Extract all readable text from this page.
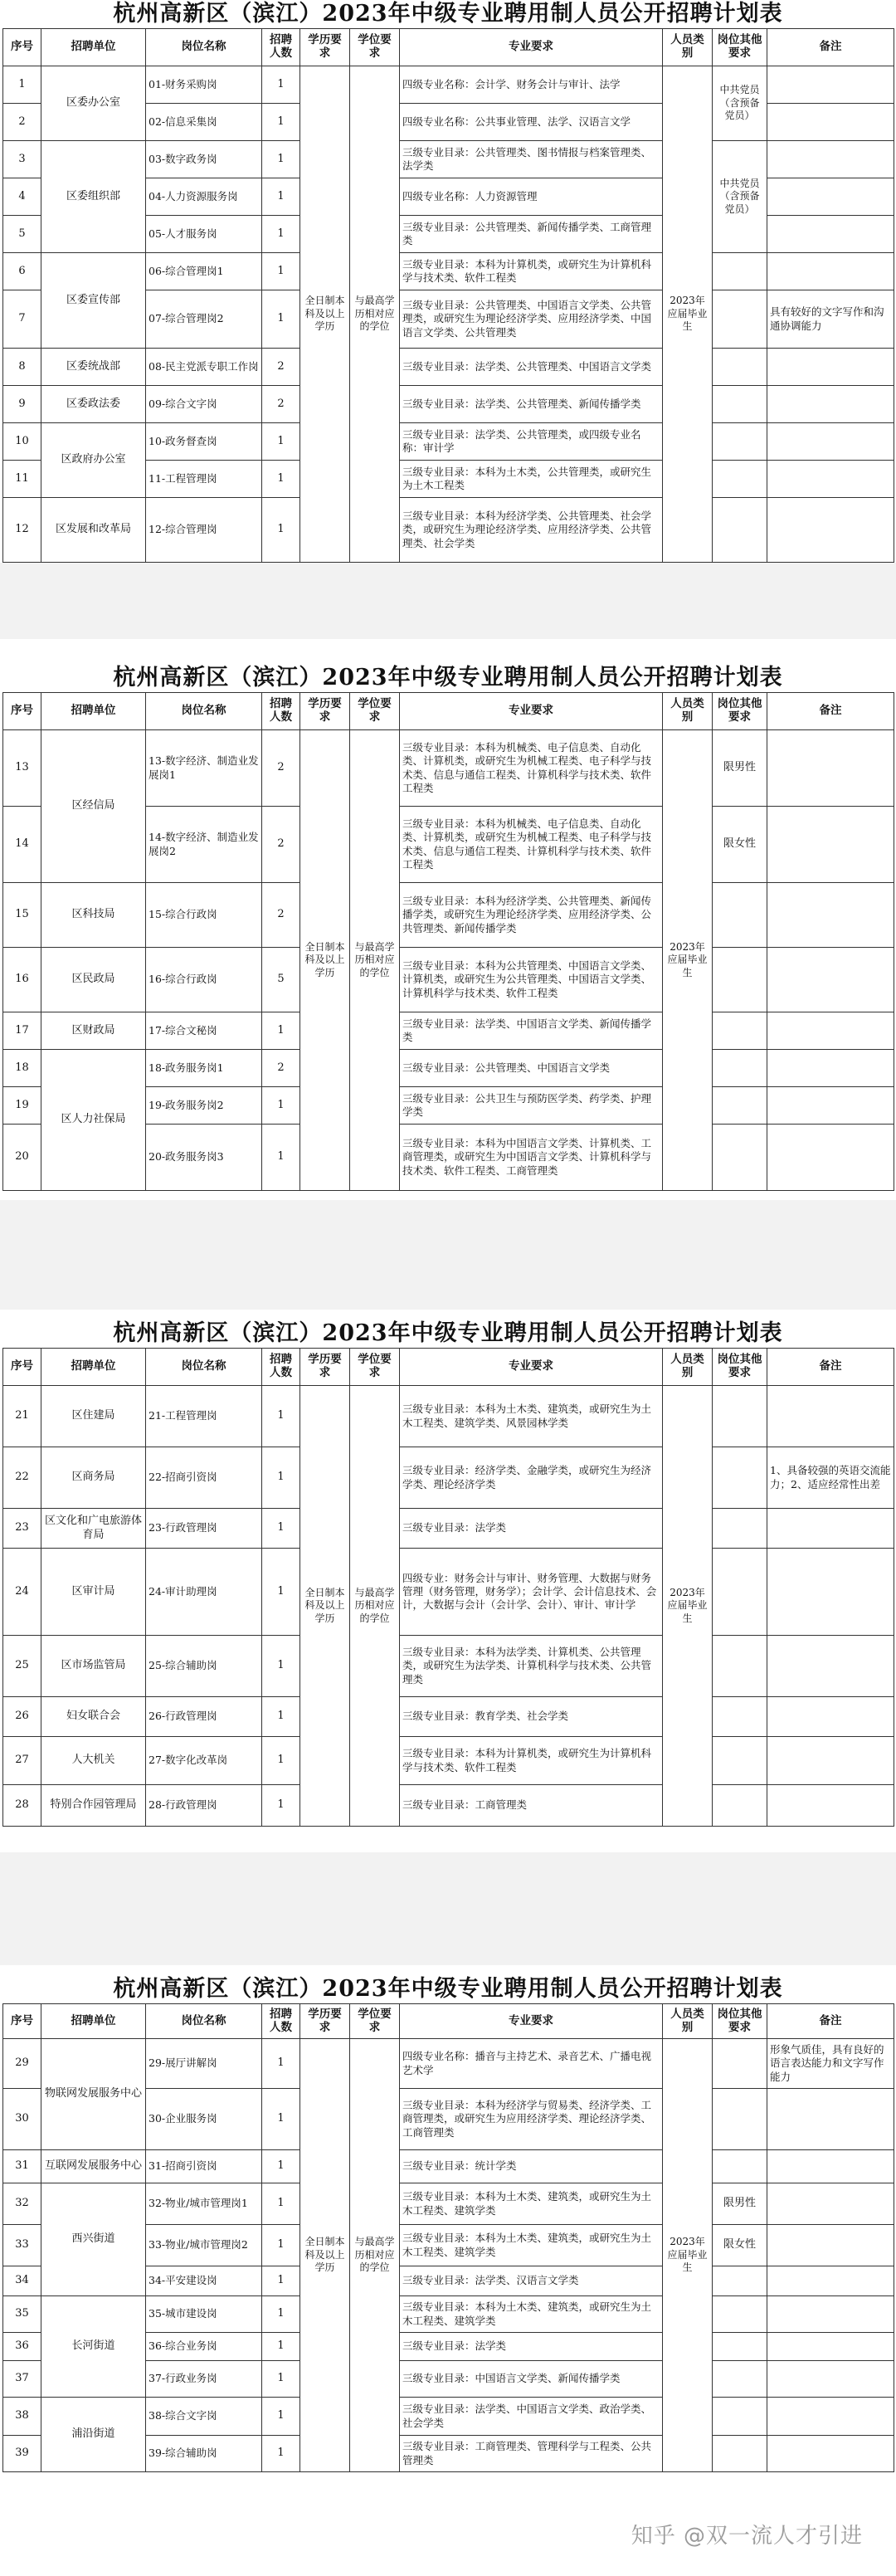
杭州高新区（滨江）2023年中级专业聘用制人员公开招聘计划表
序号	招聘单位	岗位名称	招聘人数	学历要求	学位要求	专业要求	人员类别	岗位其他要求	备注
1	区委办公室	01-财务采购岗	1	全日制本科及以上学历	与最高学历相对应的学位	四级专业名称：会计学、财务会计与审计、法学	2023年应届毕业生	中共党员（含预备党员）	
2		02-信息采集岗	1			四级专业名称：公共事业管理、法学、汉语言文学			
3	区委组织部	03-数字政务岗	1			三级专业目录：公共管理类、图书情报与档案管理类、法学类		中共党员（含预备党员）	
4		04-人力资源服务岗	1			四级专业名称：人力资源管理			
5		05-人才服务岗	1			三级专业目录：公共管理类、新闻传播学类、工商管理类			
6	区委宣传部	06-综合管理岗1	1			三级专业目录：本科为计算机类，或研究生为计算机科学与技术类、软件工程类			
7		07-综合管理岗2	1			三级专业目录：公共管理类、中国语言文学类、公共管理类，或研究生为理论经济学类、应用经济学类、中国语言文学类、公共管理类			具有较好的文字写作和沟通协调能力
8	区委统战部	08-民主党派专职工作岗	2			三级专业目录：法学类、公共管理类、中国语言文学类			
9	区委政法委	09-综合文字岗	2			三级专业目录：法学类、公共管理类、新闻传播学类			
10	区政府办公室	10-政务督查岗	1			三级专业目录：法学类、公共管理类，或四级专业名称：审计学			
11		11-工程管理岗	1			三级专业目录：本科为土木类，公共管理类，或研究生为土木工程类			
12	区发展和改革局	12-综合管理岗	1			三级专业目录：本科为经济学类、公共管理类、社会学类，或研究生为理论经济学类、应用经济学类、公共管理类、社会学类			
杭州高新区（滨江）2023年中级专业聘用制人员公开招聘计划表
序号	招聘单位	岗位名称	招聘人数	学历要求	学位要求	专业要求	人员类别	岗位其他要求	备注
13	区经信局	13-数字经济、制造业发展岗1	2	全日制本科及以上学历	与最高学历相对应的学位	三级专业目录：本科为机械类、电子信息类、自动化类、计算机类，或研究生为机械工程类、电子科学与技术类、信息与通信工程类、计算机科学与技术类、软件工程类	2023年应届毕业生	限男性	
14		14-数字经济、制造业发展岗2	2			三级专业目录：本科为机械类、电子信息类、自动化类、计算机类，或研究生为机械工程类、电子科学与技术类、信息与通信工程类、计算机科学与技术类、软件工程类		限女性	
15	区科技局	15-综合行政岗	2			三级专业目录：本科为经济学类、公共管理类、新闻传播学类，或研究生为理论经济学类、应用经济学类、公共管理类、新闻传播学类			
16	区民政局	16-综合行政岗	5			三级专业目录：本科为公共管理类、中国语言文学类、计算机类，或研究生为公共管理类、中国语言文学类、计算机科学与技术类、软件工程类			
17	区财政局	17-综合文秘岗	1			三级专业目录：法学类、中国语言文学类、新闻传播学类			
18	区人力社保局	18-政务服务岗1	2			三级专业目录：公共管理类、中国语言文学类			
19		19-政务服务岗2	1			三级专业目录：公共卫生与预防医学类、药学类、护理学类			
20		20-政务服务岗3	1			三级专业目录：本科为中国语言文学类、计算机类、工商管理类，或研究生为中国语言文学类、计算机科学与技术类、软件工程类、工商管理类			
杭州高新区（滨江）2023年中级专业聘用制人员公开招聘计划表
序号	招聘单位	岗位名称	招聘人数	学历要求	学位要求	专业要求	人员类别	岗位其他要求	备注
21	区住建局	21-工程管理岗	1	全日制本科及以上学历	与最高学历相对应的学位	三级专业目录：本科为土木类、建筑类，或研究生为土木工程类、建筑学类、风景园林学类	2023年应届毕业生		
22	区商务局	22-招商引资岗	1			三级专业目录：经济学类、金融学类，或研究生为经济学类、理论经济学类			1、具备较强的英语交流能力；2、适应经常性出差
23	区文化和广电旅游体育局	23-行政管理岗	1			三级专业目录：法学类			
24	区审计局	24-审计助理岗	1			四级专业：财务会计与审计、财务管理、大数据与财务管理（财务管理，财务学）；会计学、会计信息技术、会计，大数据与会计（会计学、会计）、审计、审计学			
25	区市场监管局	25-综合辅助岗	1			三级专业目录：本科为法学类、计算机类、公共管理类，或研究生为法学类、计算机科学与技术类、公共管理类			
26	妇女联合会	26-行政管理岗	1			三级专业目录：教育学类、社会学类			
27	人大机关	27-数字化改革岗	1			三级专业目录：本科为计算机类，或研究生为计算机科学与技术类、软件工程类			
28	特别合作园管理局	28-行政管理岗	1			三级专业目录：工商管理类			
杭州高新区（滨江）2023年中级专业聘用制人员公开招聘计划表
序号	招聘单位	岗位名称	招聘人数	学历要求	学位要求	专业要求	人员类别	岗位其他要求	备注
29	物联网发展服务中心	29-展厅讲解岗	1	全日制本科及以上学历	与最高学历相对应的学位	四级专业名称：播音与主持艺术、录音艺术、广播电视艺术学	2023年应届毕业生		形象气质佳，具有良好的语言表达能力和文字写作能力
30		30-企业服务岗	1			三级专业目录：本科为经济学与贸易类、经济学类、工商管理类，或研究生为应用经济学类、理论经济学类、工商管理类			
31	互联网发展服务中心	31-招商引资岗	1			三级专业目录：统计学类			
32	西兴街道	32-物业/城市管理岗1	1			三级专业目录：本科为土木类、建筑类，或研究生为土木工程类、建筑学类		限男性	
33		33-物业/城市管理岗2	1			三级专业目录：本科为土木类、建筑类，或研究生为土木工程类、建筑学类		限女性	
34		34-平安建设岗	1			三级专业目录：法学类、汉语言文学类			
35	长河街道	35-城市建设岗	1			三级专业目录：本科为土木类、建筑类，或研究生为土木工程类、建筑学类			
36		36-综合业务岗	1			三级专业目录：法学类			
37		37-行政业务岗	1			三级专业目录：中国语言文学类、新闻传播学类			
38	浦沿街道	38-综合文字岗	1			三级专业目录：法学类、中国语言文学类、政治学类、社会学类			
39		39-综合辅助岗	1			三级专业目录：工商管理类、管理科学与工程类、公共管理类			
知乎 @双一流人才引进
